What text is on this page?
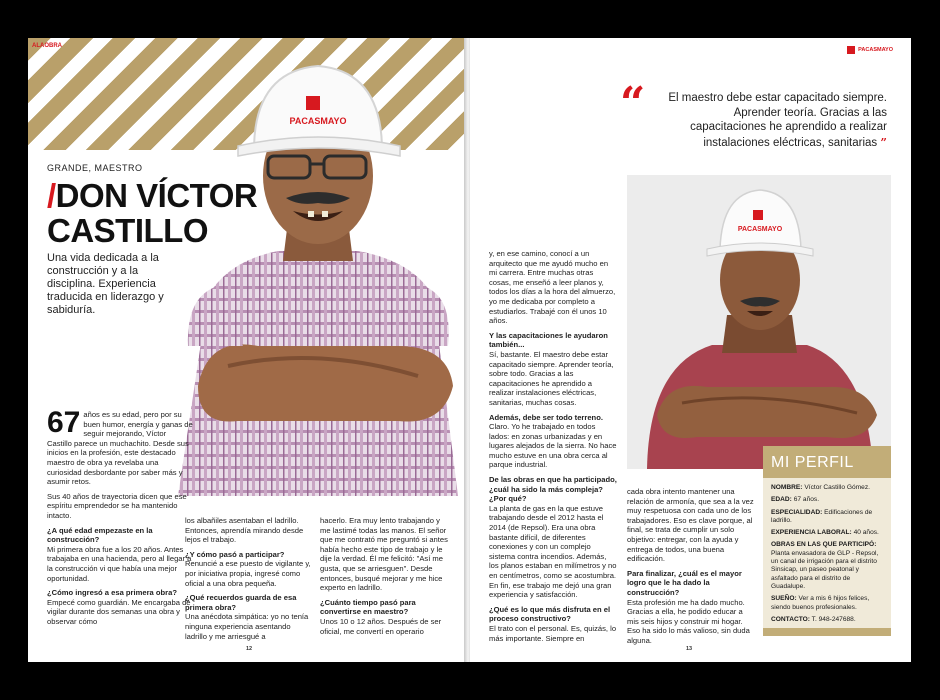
ALAOBRA
PACASMAYO
GRANDE, MAESTRO
/DON VÍCTOR
CASTILLO
Una vida dedicada a la construcción y a la disciplina. Experiencia traducida en liderazgo y sabiduría.

67 años es su edad, pero por su buen humor, energía y ganas de seguir mejorando, Víctor Castillo parece un muchachito. Desde sus inicios en la profesión, este destacado maestro de obra ya revelaba una curiosidad desbordante por saber más y asumir retos.

Sus 40 años de trayectoria dicen que ese espíritu emprendedor se ha mantenido intacto.

¿A qué edad empezaste en la construcción?

Mi primera obra fue a los 20 años. Antes trabajaba en una hacienda, pero al llegar a la construcción vi que había una mejor oportunidad.

¿Cómo ingresó a esa primera obra?

Empecé como guardián. Me encargaba de vigilar durante dos semanas una obra y observar cómo

los albañiles asentaban el ladrillo. Entonces, aprendía mirando desde lejos el trabajo.

¿Y cómo pasó a participar?

Renuncié a ese puesto de vigilante y, por iniciativa propia, ingresé como oficial a una obra pequeña.

¿Qué recuerdos guarda de esa primera obra?

Una anécdota simpática: yo no tenía ninguna experiencia asentando ladrillo y me arriesgué a

hacerlo. Era muy lento trabajando y me lastimé todas las manos. El señor que me contrató me preguntó si antes había hecho este tipo de trabajo y le dije la verdad. Él me felicitó: "Así me gusta, que se arriesguen". Desde entonces, busqué mejorar y me hice experto en ladrillo.

¿Cuánto tiempo pasó para convertirse en maestro?

Unos 10 o 12 años. Después de ser oficial, me convertí en operario

12
PACASMAYO
“	El maestro debe estar capacitado siempre. Aprender teoría. Gracias a las capacitaciones he aprendido a realizar instalaciones eléctricas, sanitarias ”

y, en ese camino, conocí a un arquitecto que me ayudó mucho en mi carrera. Entre muchas otras cosas, me enseñó a leer planos y, todos los días a la hora del almuerzo, yo me dedicaba por completo a estudiarlos. Trabajé con él unos 10 años.

Y las capacitaciones le ayudaron también...

Sí, bastante. El maestro debe estar capacitado siempre. Aprender teoría, sobre todo. Gracias a las capacitaciones he aprendido a realizar instalaciones eléctricas, sanitarias, muchas cosas.

Además, debe ser todo terreno.

Claro. Yo he trabajado en todos lados: en zonas urbanizadas y en lugares alejados de la sierra. No hace mucho estuve en una obra cerca al parque industrial.

De las obras en que ha participado, ¿cuál ha sido la más compleja? ¿Por qué?

La planta de gas en la que estuve trabajando desde el 2012 hasta el 2014 (de Repsol). Era una obra bastante difícil, de diferentes conexiones y con un complejo sistema contra incendios. Además, los planos estaban en milímetros y no en centímetros, como se acostumbra. En fin, ese trabajo me dejó una gran experiencia y satisfacción.

¿Qué es lo que más disfruta en el proceso constructivo?

El trato con el personal. Es, quizás, lo más importante. Siempre en

PACASMAYO

cada obra intento mantener una relación de armonía, que sea a la vez muy respetuosa con cada uno de los trabajadores. Eso es clave porque, al final, se trata de cumplir un solo objetivo: entregar, con la ayuda y entrega de todos, una buena edificación.

Para finalizar, ¿cuál es el mayor logro que le ha dado la construcción?

Esta profesión me ha dado mucho. Gracias a ella, he podido educar a mis seis hijos y construir mi hogar. Eso ha sido lo más valioso, sin duda alguna.

MI PERFIL
NOMBRE: Víctor Castillo Gómez.
EDAD: 67 años.
ESPECIALIDAD: Edificaciones de ladrillo.
EXPERIENCIA LABORAL: 40 años.
OBRAS EN LAS QUE PARTICIPÓ: Planta envasadora de GLP - Repsol, un canal de irrigación para el distrito Sinsicap, un paseo peatonal y asfaltado para el distrito de Guadalupe.
SUEÑO: Ver a mis 6 hijos felices, siendo buenos profesionales.
CONTACTO: T. 948-247688.
13
